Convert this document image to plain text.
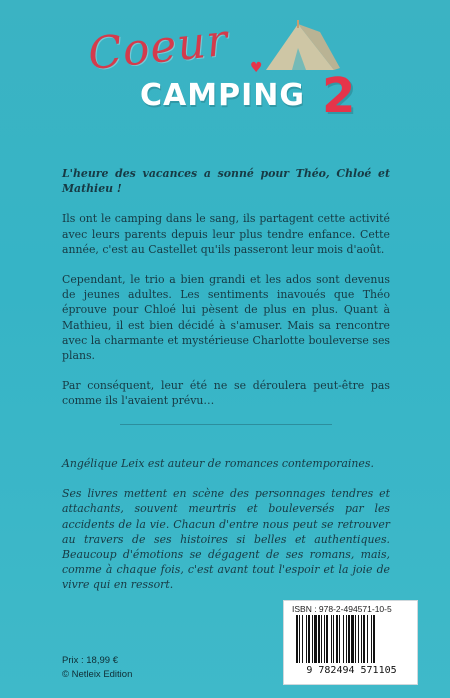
Coeur ♥
CAMPING 2

L'heure des vacances a sonné pour Théo, Chloé et Mathieu !

Ils ont le camping dans le sang, ils partagent cette activité avec leurs parents depuis leur plus tendre enfance. Cette année, c'est au Castellet qu'ils passeront leur mois d'août.

Cependant, le trio a bien grandi et les ados sont devenus de jeunes adultes. Les sentiments inavoués que Théo éprouve pour Chloé lui pèsent de plus en plus. Quant à Mathieu, il est bien décidé à s'amuser. Mais sa rencontre avec la charmante et mystérieuse Charlotte bouleverse ses plans.

Par conséquent, leur été ne se déroulera peut-être pas comme ils l'avaient prévu…

Angélique Leix est auteur de romances contemporaines.

Ses livres mettent en scène des personnages tendres et attachants, souvent meurtris et bouleversés par les accidents de la vie. Chacun d'entre nous peut se retrouver au travers de ses histoires si belles et authentiques. Beaucoup d'émotions se dégagent de ses romans, mais, comme à chaque fois, c'est avant tout l'espoir et la joie de vivre qui en ressort.

ISBN : 978-2-494571-10-5
9 782494 571105
Prix : 18,99 €
© Netleix Edition
